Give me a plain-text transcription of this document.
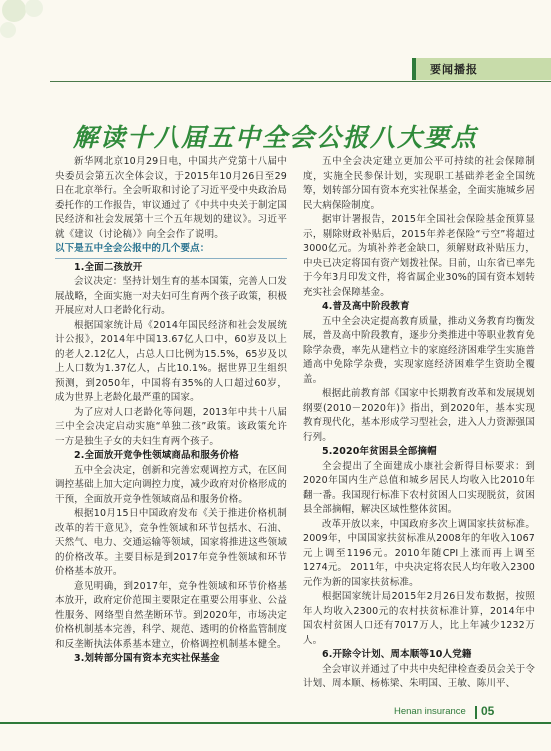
要闻播报
解读十八届五中全会公报八大要点

新华网北京10月29日电，中国共产党第十八届中央委员会第五次全体会议，于2015年10月26日至29日在北京举行。全会听取和讨论了习近平受中央政治局委托作的工作报告，审议通过了《中共中央关于制定国民经济和社会发展第十三个五年规划的建议》。习近平就《建议（讨论稿）》向全会作了说明。

以下是五中全会公报中的几个要点：

1.全面二孩放开

会议决定：坚持计划生育的基本国策，完善人口发展战略，全面实施一对夫妇可生育两个孩子政策，积极开展应对人口老龄化行动。

根据国家统计局《2014年国民经济和社会发展统计公报》，2014年中国13.67亿人口中，60岁及以上的老人2.12亿人，占总人口比例为15.5%，65岁及以上人口数为1.37亿人，占比10.1%。据世界卫生组织预测，到2050年，中国将有35%的人口超过60岁，成为世界上老龄化最严重的国家。

为了应对人口老龄化等问题，2013年中共十八届三中全会决定启动实施“单独二孩”政策。该政策允许一方是独生子女的夫妇生育两个孩子。

2.全面放开竞争性领域商品和服务价格

五中全会决定，创新和完善宏观调控方式，在区间调控基础上加大定向调控力度，减少政府对价格形成的干预，全面放开竞争性领域商品和服务价格。

根据10月15日中国政府发布《关于推进价格机制改革的若干意见》，竞争性领域和环节包括水、石油、天然气、电力、交通运输等领域，国家将推进这些领域的价格改革。主要目标是到2017年竞争性领域和环节价格基本放开。

意见明确，到2017年，竞争性领域和环节价格基本放开，政府定价范围主要限定在重要公用事业、公益性服务、网络型自然垄断环节。到2020年，市场决定价格机制基本完善，科学、规范、透明的价格监管制度和反垄断执法体系基本建立，价格调控机制基本健全。

3.划转部分国有资本充实社保基金

五中全会决定建立更加公平可持续的社会保障制度，实施全民参保计划，实现职工基础养老金全国统筹，划转部分国有资本充实社保基金，全面实施城乡居民大病保险制度。

据审计署报告，2015年全国社会保险基金预算显示，剔除财政补贴后，2015年养老保险“亏空”将超过3000亿元。为填补养老金缺口，须解财政补贴压力，中央已决定将国有资产划拨社保。目前，山东省已率先于今年3月印发文件，将省属企业30%的国有资本划转充实社会保障基金。

4.普及高中阶段教育

五中全会决定提高教育质量，推动义务教育均衡发展，普及高中阶段教育，逐步分类推进中等职业教育免除学杂费，率先从建档立卡的家庭经济困难学生实施普通高中免除学杂费，实现家庭经济困难学生资助全覆盖。

根据此前教育部《国家中长期教育改革和发展规划纲要(2010－2020年)》指出，到2020年，基本实现教育现代化，基本形成学习型社会，进入人力资源强国行列。

5.2020年贫困县全部摘帽

全会提出了全面建成小康社会新得目标要求：到2020年国内生产总值和城乡居民人均收入比2010年翻一番。我国现行标准下农村贫困人口实现脱贫，贫困县全部摘帽，解决区域性整体贫困。

改革开放以来，中国政府多次上调国家扶贫标准。2009年，中国国家扶贫标准从2008年的年收入1067元上调至1196元。2010年随CPI上涨而再上调至1274元。 2011年，中央决定将农民人均年收入2300元作为新的国家扶贫标准。

根据国家统计局2015年2月26日发布数据，按照年人均收入2300元的农村扶贫标准计算，2014年中国农村贫困人口还有7017万人，比上年减少1232万人。

6.开除令计划、周本顺等10人党籍

全会审议并通过了中共中央纪律检查委员会关于令计划、周本顺、杨栋梁、朱明国、王敏、陈川平、

Henan insurance 05
